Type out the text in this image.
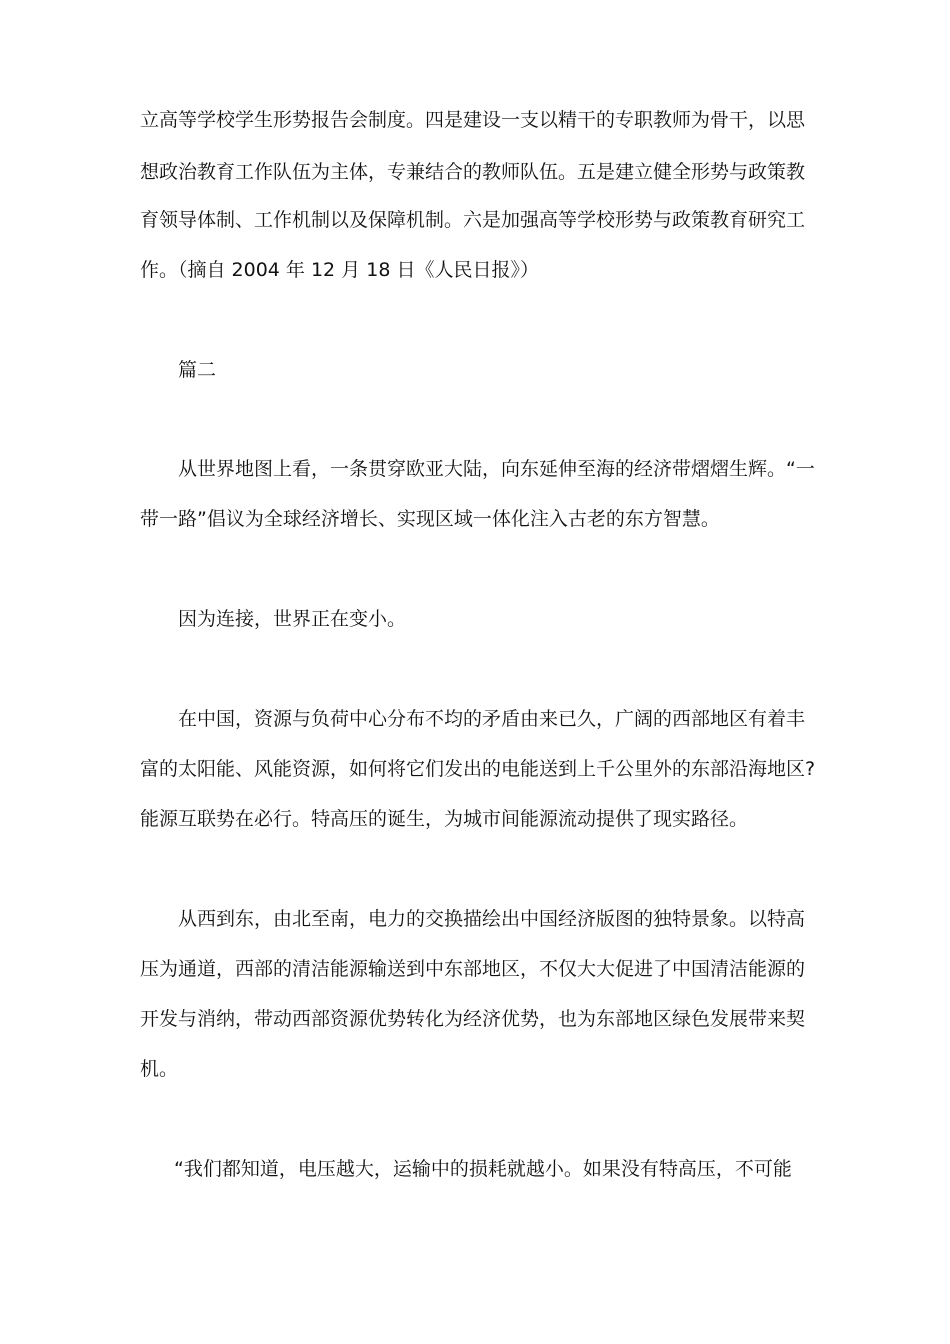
立高等学校学生形势报告会制度。四是建设一支以精干的专职教师为骨干，以思
想政治教育工作队伍为主体，专兼结合的教师队伍。五是建立健全形势与政策教
育领导体制、工作机制以及保障机制。六是加强高等学校形势与政策教育研究工
作。（摘自 2004 年 12 月 18 日《人民日报》）
篇二
从世界地图上看，一条贯穿欧亚大陆，向东延伸至海的经济带熠熠生辉。“一
带一路”倡议为全球经济增长、实现区域一体化注入古老的东方智慧。
因为连接，世界正在变小。
在中国，资源与负荷中心分布不均的矛盾由来已久，广阔的西部地区有着丰
富的太阳能、风能资源，如何将它们发出的电能送到上千公里外的东部沿海地区?
能源互联势在必行。特高压的诞生，为城市间能源流动提供了现实路径。
从西到东，由北至南，电力的交换描绘出中国经济版图的独特景象。以特高
压为通道，西部的清洁能源输送到中东部地区，不仅大大促进了中国清洁能源的
开发与消纳，带动西部资源优势转化为经济优势，也为东部地区绿色发展带来契
机。
“我们都知道，电压越大，运输中的损耗就越小。如果没有特高压，不可能
